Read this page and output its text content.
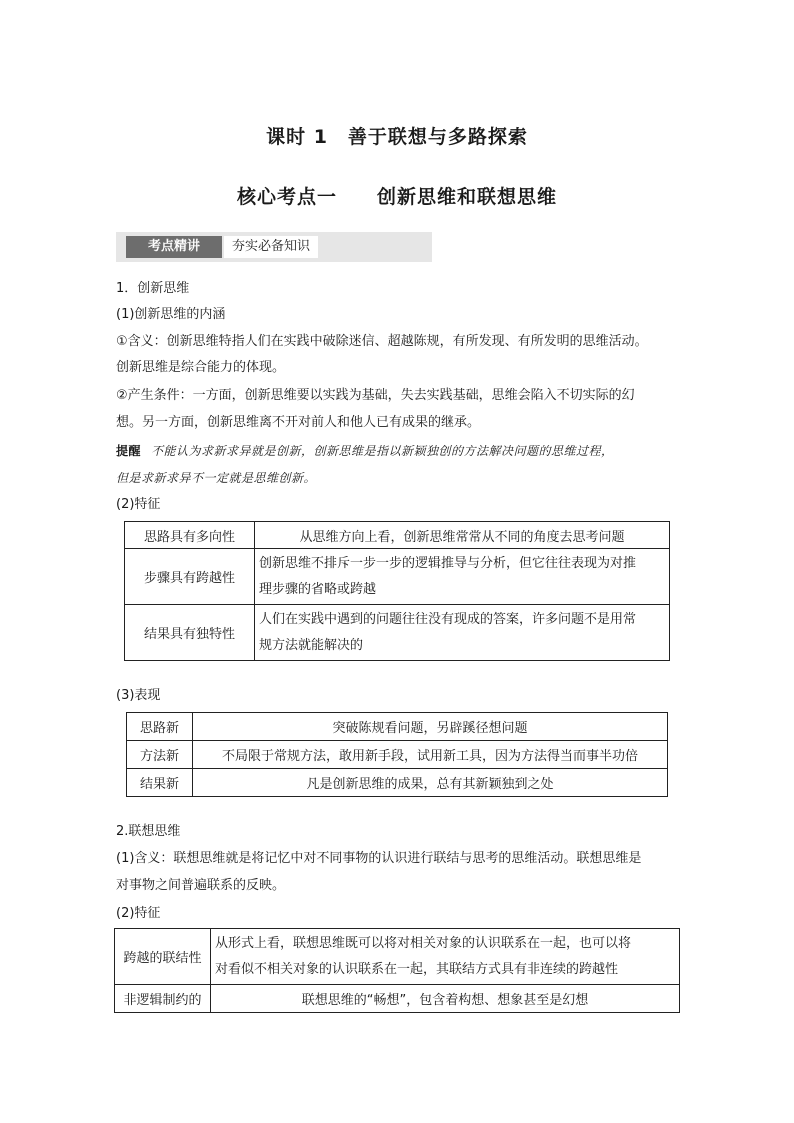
课时 1　善于联想与多路探索
核心考点一　　创新思维和联想思维
考点精讲	夯实必备知识
1．创新思维
(1)创新思维的内涵
①含义：创新思维特指人们在实践中破除迷信、超越陈规，有所发现、有所发明的思维活动。
创新思维是综合能力的体现。
②产生条件：一方面，创新思维要以实践为基础，失去实践基础，思维会陷入不切实际的幻
想。另一方面，创新思维离不开对前人和他人已有成果的继承。
提醒 不能认为求新求异就是创新，创新思维是指以新颖独创的方法解决问题的思维过程，
但是求新求异不一定就是思维创新。
(2)特征
思路具有多向性	从思维方向上看，创新思维常常从不同的角度去思考问题
步骤具有跨越性	创新思维不排斥一步一步的逻辑推导与分析，但它往往表现为对推
理步骤的省略或跨越

结果具有独特性	人们在实践中遇到的问题往往没有现成的答案，许多问题不是用常
规方法就能解决的
(3)表现
思路新	突破陈规看问题，另辟蹊径想问题
方法新	不局限于常规方法，敢用新手段，试用新工具，因为方法得当而事半功倍
结果新	凡是创新思维的成果，总有其新颖独到之处
2.联想思维
(1)含义：联想思维就是将记忆中对不同事物的认识进行联结与思考的思维活动。联想思维是
对事物之间普遍联系的反映。
(2)特征
跨越的联结性	从形式上看，联想思维既可以将对相关对象的认识联系在一起，也可以将
对看似不相关对象的认识联系在一起，其联结方式具有非连续的跨越性

非逻辑制约的	联想思维的“畅想”，包含着构想、想象甚至是幻想
